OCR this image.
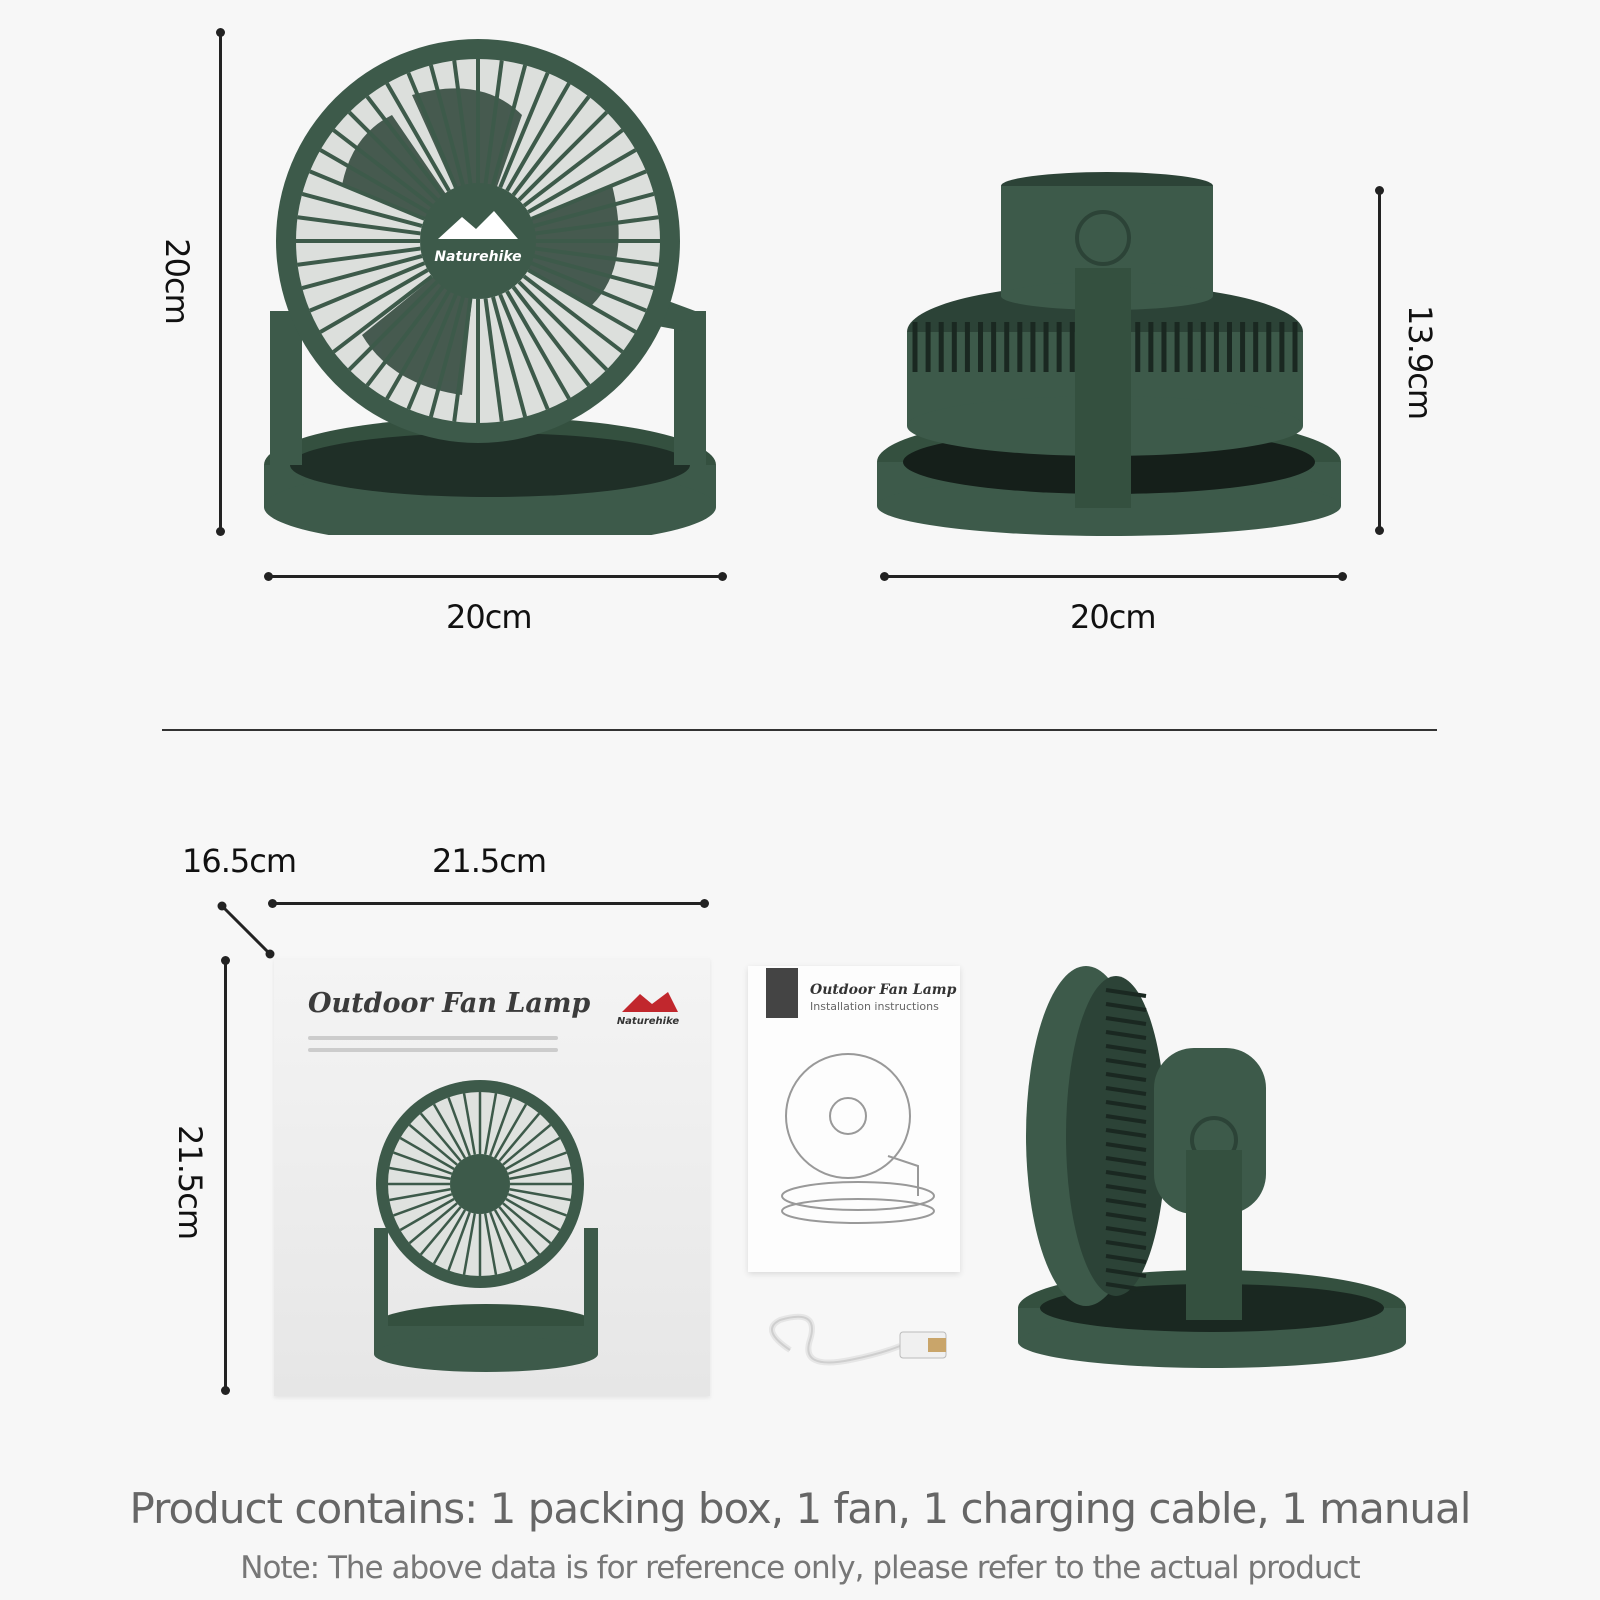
20cm	Naturehike
20cm
13.9cm
20cm
16.5cm	21.5cm
21.5cm
Outdoor Fan Lamp
Naturehike
Outdoor Fan Lamp
Installation instructions
Product contains: 1 packing box, 1 fan, 1 charging cable, 1 manual
Note: The above data is for reference only, please refer to the actual product
